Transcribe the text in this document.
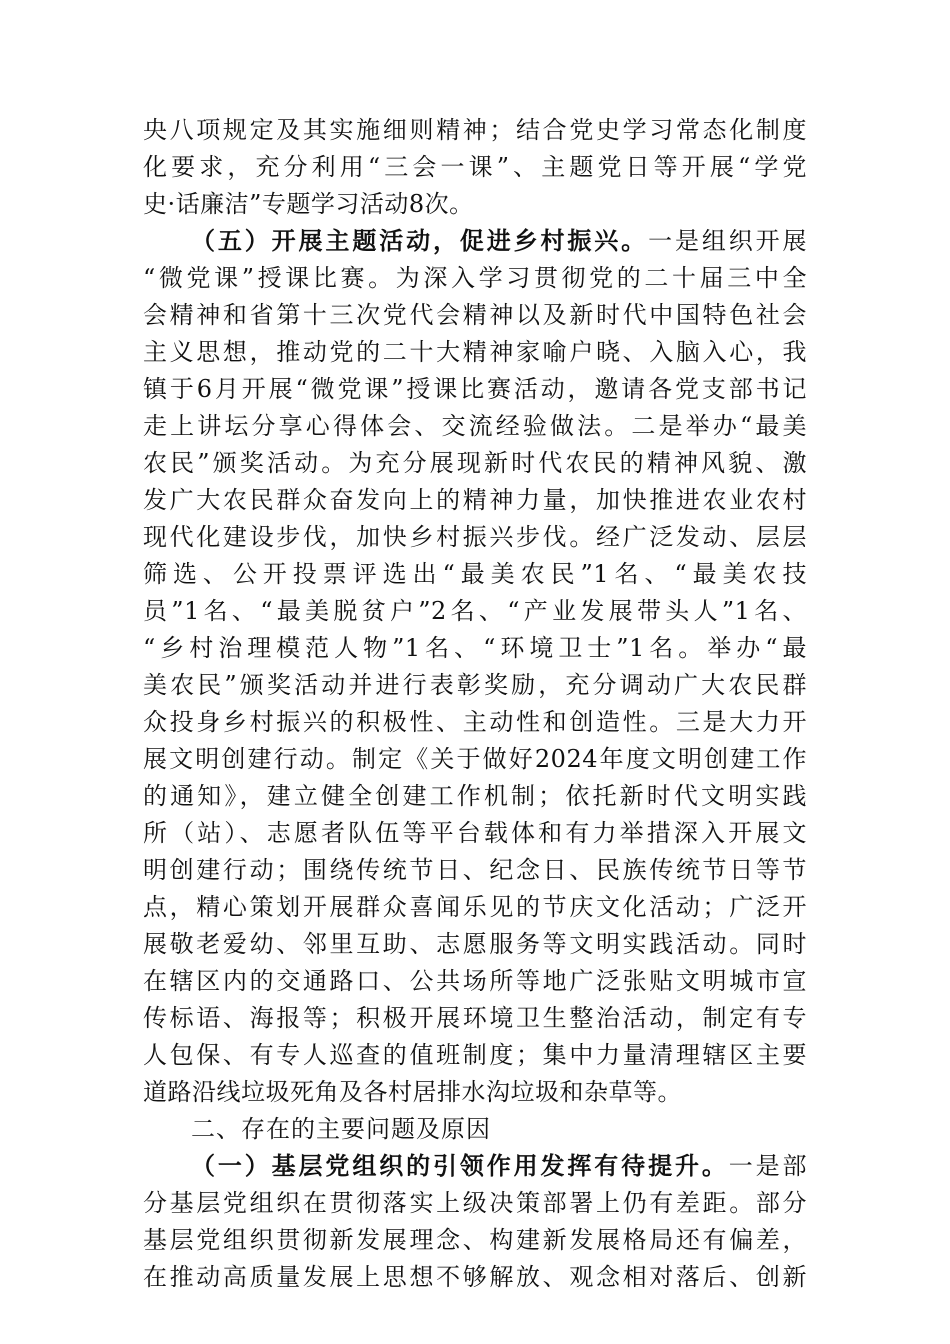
央八项规定及其实施细则精神；结合党史学习常态化制度
化要求，充分利用“三会一课”、主题党日等开展“学党
史·话廉洁”专题学习活动8次。
（五）开展主题活动，促进乡村振兴。一是组织开展
“微党课”授课比赛。为深入学习贯彻党的二十届三中全
会精神和省第十三次党代会精神以及新时代中国特色社会
主义思想，推动党的二十大精神家喻户晓、入脑入心，我
镇于6月开展“微党课”授课比赛活动，邀请各党支部书记
走上讲坛分享心得体会、交流经验做法。二是举办“最美
农民”颁奖活动。为充分展现新时代农民的精神风貌、激
发广大农民群众奋发向上的精神力量，加快推进农业农村
现代化建设步伐，加快乡村振兴步伐。经广泛发动、层层
筛选、公开投票评选出“最美农民”1名、“最美农技
员”1名、“最美脱贫户”2名、“产业发展带头人”1名、
“乡村治理模范人物”1名、“环境卫士”1名。举办“最
美农民”颁奖活动并进行表彰奖励，充分调动广大农民群
众投身乡村振兴的积极性、主动性和创造性。三是大力开
展文明创建行动。制定《关于做好2024年度文明创建工作
的通知》，建立健全创建工作机制；依托新时代文明实践
所（站）、志愿者队伍等平台载体和有力举措深入开展文
明创建行动；围绕传统节日、纪念日、民族传统节日等节
点，精心策划开展群众喜闻乐见的节庆文化活动；广泛开
展敬老爱幼、邻里互助、志愿服务等文明实践活动。同时
在辖区内的交通路口、公共场所等地广泛张贴文明城市宣
传标语、海报等；积极开展环境卫生整治活动，制定有专
人包保、有专人巡查的值班制度；集中力量清理辖区主要
道路沿线垃圾死角及各村居排水沟垃圾和杂草等。
二、存在的主要问题及原因
（一）基层党组织的引领作用发挥有待提升。一是部
分基层党组织在贯彻落实上级决策部署上仍有差距。部分
基层党组织贯彻新发展理念、构建新发展格局还有偏差，
在推动高质量发展上思想不够解放、观念相对落后、创新
